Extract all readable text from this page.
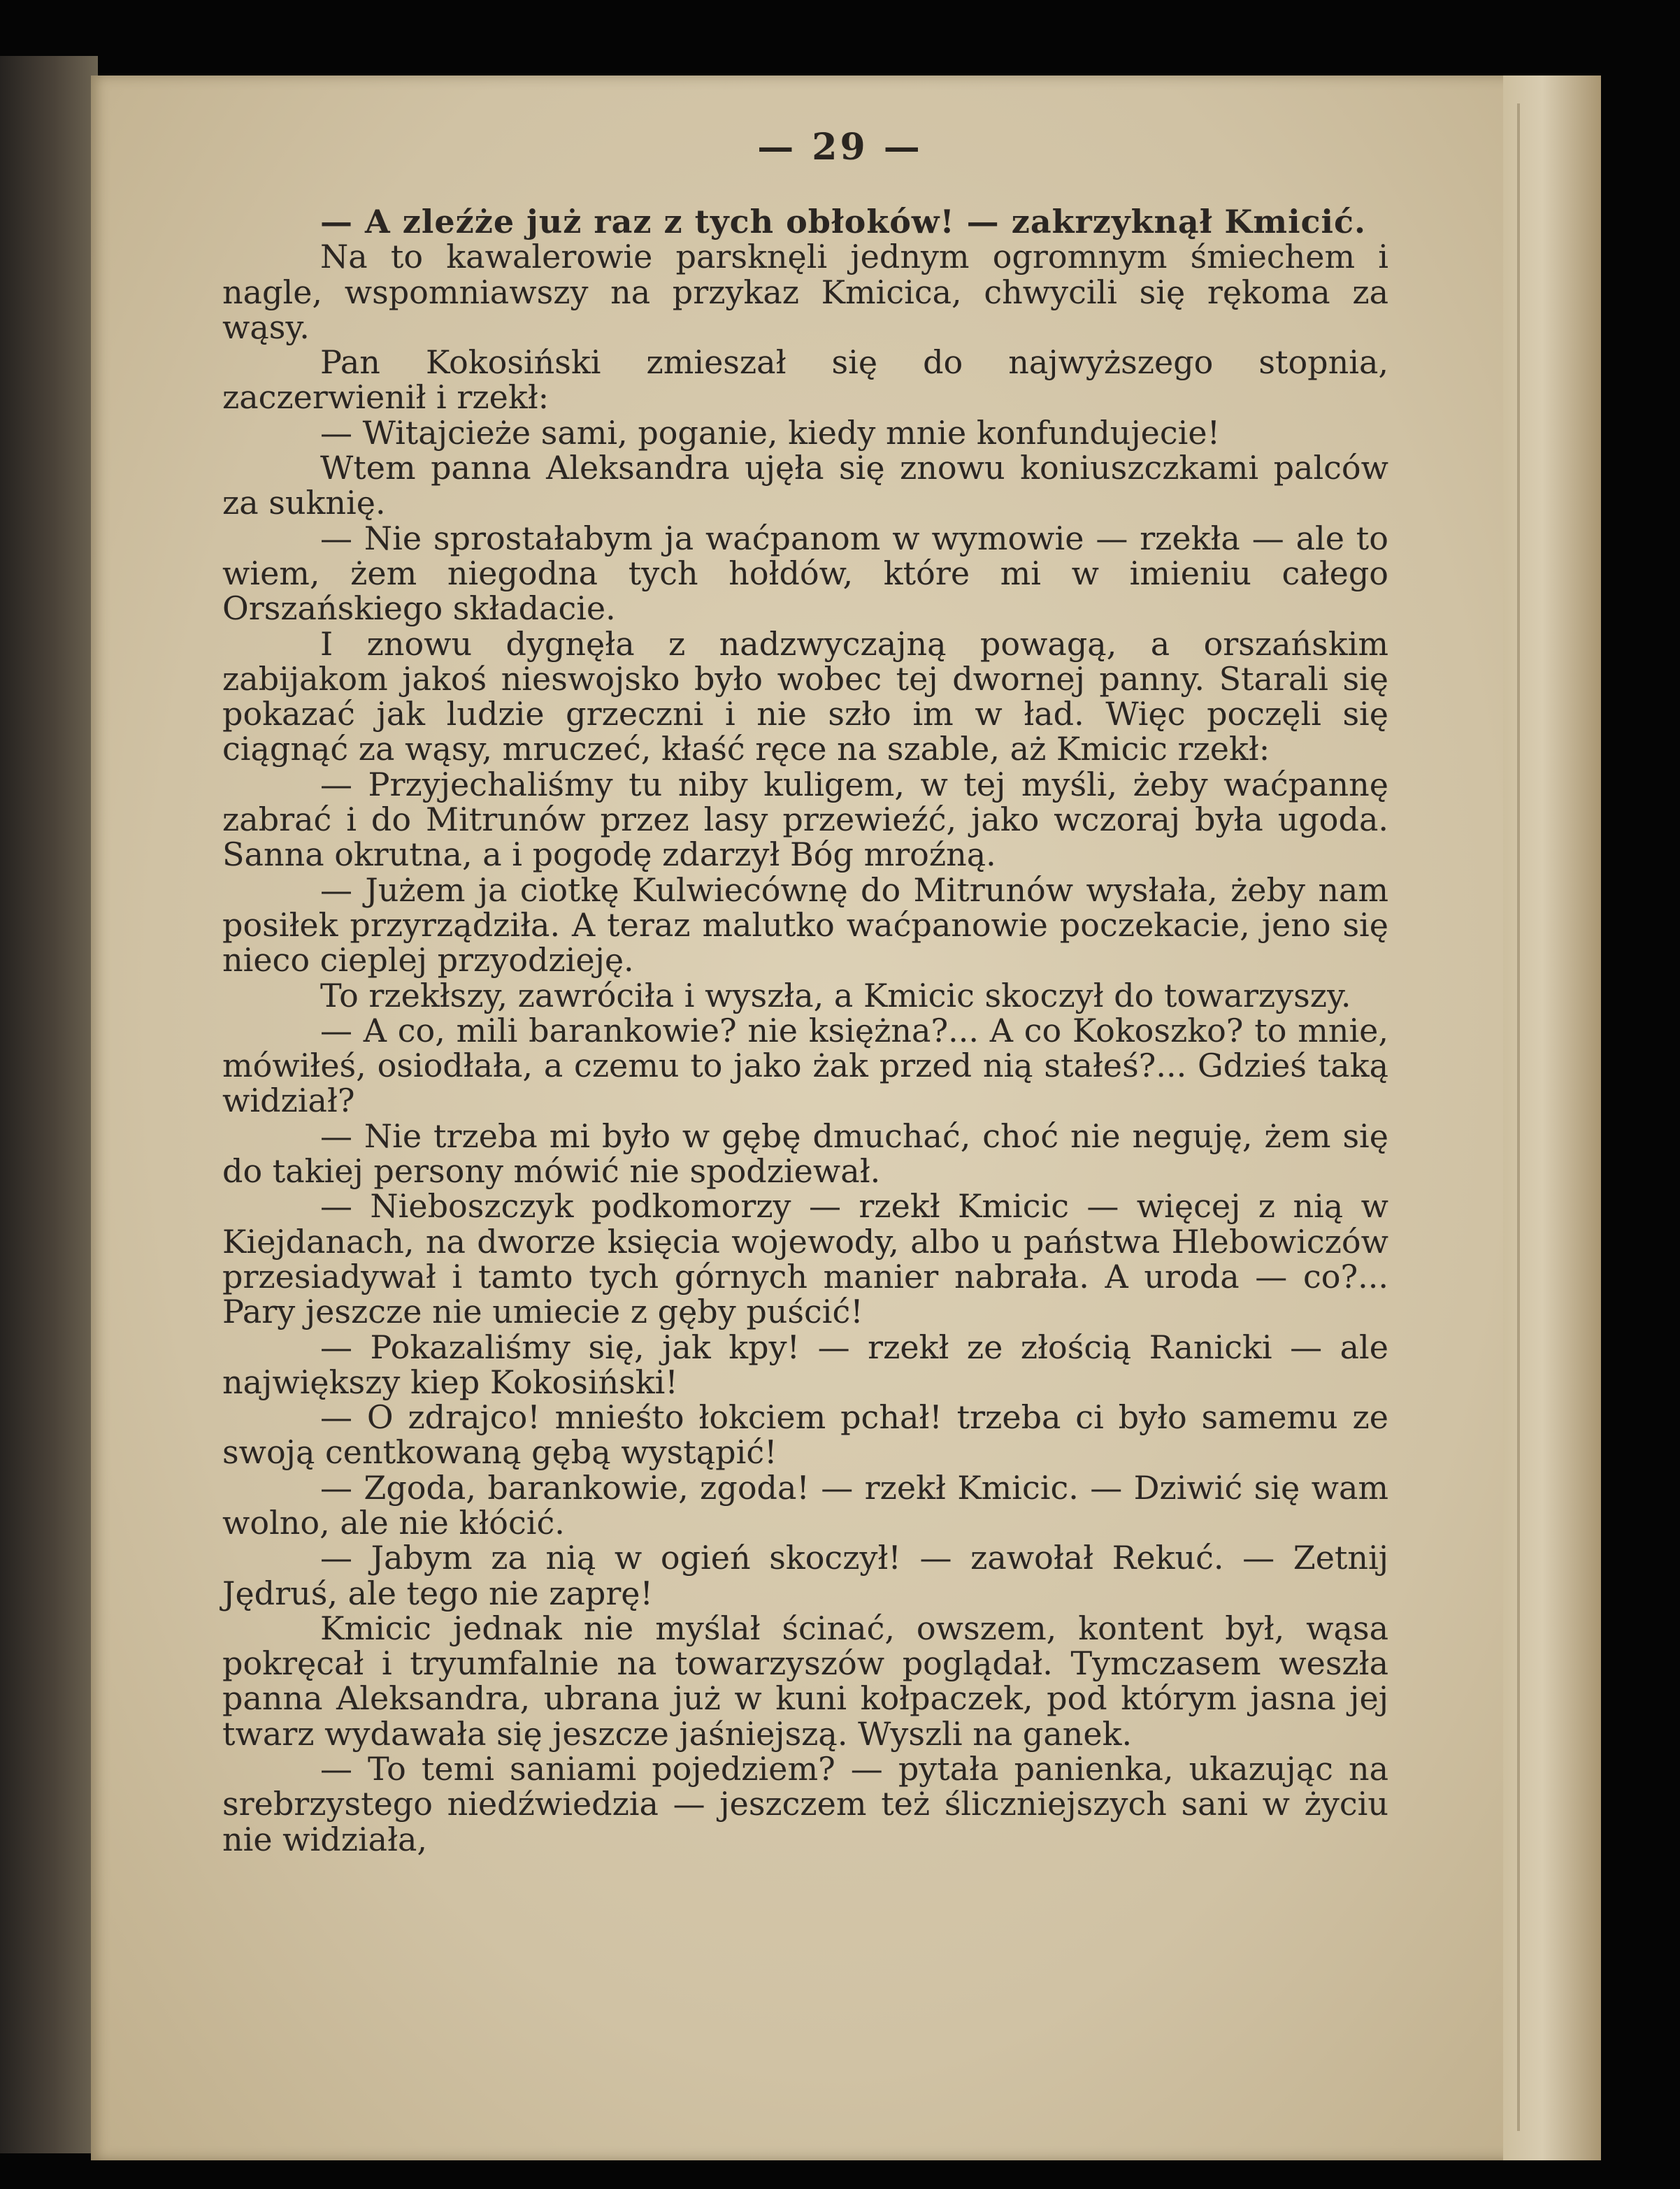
— 29 —

— A zleźże już raz z tych obłoków! — zakrzyknął Kmicić.

Na to kawalerowie parsknęli jednym ogromnym śmiechem i nagle, wspomniawszy na przykaz Kmicica, chwycili się rękoma za wąsy.

Pan Kokosiński zmieszał się do najwyższego stopnia, zaczerwienił i rzekł:

— Witajcieże sami, poganie, kiedy mnie konfundujecie!

Wtem panna Aleksandra ujęła się znowu koniuszczkami palców za suknię.

— Nie sprostałabym ja waćpanom w wymowie — rzekła — ale to wiem, żem niegodna tych hołdów, które mi w imieniu całego Orszańskiego składacie.

I znowu dygnęła z nadzwyczajną powagą, a orszańskim zabijakom jakoś nieswojsko było wobec tej dwornej panny. Starali się pokazać jak ludzie grzeczni i nie szło im w ład. Więc poczęli się ciągnąć za wąsy, mruczeć, kłaść ręce na szable, aż Kmicic rzekł:

— Przyjechaliśmy tu niby kuligem, w tej myśli, żeby waćpannę zabrać i do Mitrunów przez lasy przewieźć, jako wczoraj była ugoda. Sanna okrutna, a i pogodę zdarzył Bóg mroźną.

— Jużem ja ciotkę Kulwiecównę do Mitrunów wysłała, żeby nam posiłek przyrządziła. A teraz malutko waćpanowie poczekacie, jeno się nieco cieplej przyodzieję.

To rzekłszy, zawróciła i wyszła, a Kmicic skoczył do towarzyszy.

— A co, mili barankowie? nie księżna?... A co Kokoszko? to mnie, mówiłeś, osiodłała, a czemu to jako żak przed nią stałeś?... Gdzieś taką widział?

— Nie trzeba mi było w gębę dmuchać, choć nie neguję, żem się do takiej persony mówić nie spodziewał.

— Nieboszczyk podkomorzy — rzekł Kmicic — więcej z nią w Kiejdanach, na dworze księcia wojewody, albo u państwa Hlebowiczów przesiadywał i tamto tych górnych manier nabrała. A uroda — co?... Pary jeszcze nie umiecie z gęby puścić!

— Pokazaliśmy się, jak kpy! — rzekł ze złością Ranicki — ale największy kiep Kokosiński!

— O zdrajco! mnieśto łokciem pchał! trzeba ci było samemu ze swoją centkowaną gębą wystąpić!

— Zgoda, barankowie, zgoda! — rzekł Kmicic. — Dziwić się wam wolno, ale nie kłócić.

— Jabym za nią w ogień skoczył! — zawołał Rekuć. — Zetnij Jędruś, ale tego nie zaprę!

Kmicic jednak nie myślał ścinać, owszem, kontent był, wąsa pokręcał i tryumfalnie na towarzyszów poglądał. Tymczasem weszła panna Aleksandra, ubrana już w kuni kołpaczek, pod którym jasna jej twarz wydawała się jeszcze jaśniejszą. Wyszli na ganek.

— To temi saniami pojedziem? — pytała panienka, ukazując na srebrzystego niedźwiedzia — jeszczem też śliczniejszych sani w życiu nie widziała,
